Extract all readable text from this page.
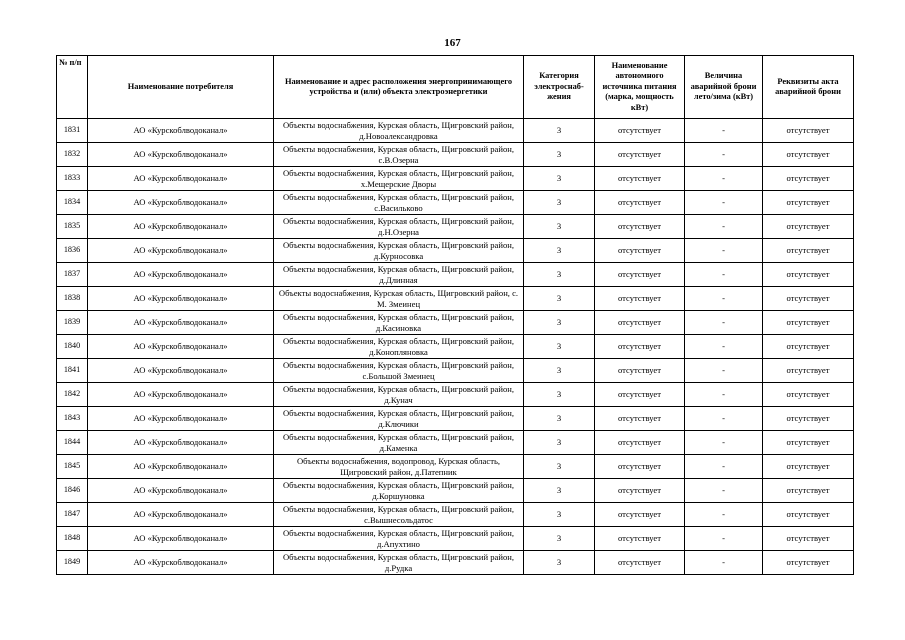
167
№ п/п	Наименование потребителя	Наименование и адрес расположения энергопринимающего устройства и (или) объекта электроэнергетики	Категория электроснаб-жения	Наименование автономного источника питания (марка, мощность кВт)	Величина аварийной брони лето/зима (кВт)	Реквизиты акта аварийной брони
1831	АО «Курскоблводоканал»	Объекты водоснабжения, Курская область, Щигровский район, д.Новоалександровка	3	отсутствует	-	отсутствует
1832	АО «Курскоблводоканал»	Объекты водоснабжения, Курская область, Щигровский район, с.В.Озерна	3	отсутствует	-	отсутствует
1833	АО «Курскоблводоканал»	Объекты водоснабжения, Курская область, Щигровский район, х.Мещерские Дворы	3	отсутствует	-	отсутствует
1834	АО «Курскоблводоканал»	Объекты водоснабжения, Курская область, Щигровский район, с.Васильково	3	отсутствует	-	отсутствует
1835	АО «Курскоблводоканал»	Объекты водоснабжения, Курская область, Щигровский район, д.Н.Озерна	3	отсутствует	-	отсутствует
1836	АО «Курскоблводоканал»	Объекты водоснабжения, Курская область, Щигровский район, д.Курносовка	3	отсутствует	-	отсутствует
1837	АО «Курскоблводоканал»	Объекты водоснабжения, Курская область, Щигровский район, д.Длинная	3	отсутствует	-	отсутствует
1838	АО «Курскоблводоканал»	Объекты водоснабжения, Курская область, Щигровский район, с. М. Змеинец	3	отсутствует	-	отсутствует
1839	АО «Курскоблводоканал»	Объекты водоснабжения, Курская область, Щигровский район, д.Касиновка	3	отсутствует	-	отсутствует
1840	АО «Курскоблводоканал»	Объекты водоснабжения, Курская область, Щигровский район, д.Коноплянoвка	3	отсутствует	-	отсутствует
1841	АО «Курскоблводоканал»	Объекты водоснабжения, Курская область, Щигровский район, с.Большой Змеинец	3	отсутствует	-	отсутствует
1842	АО «Курскоблводоканал»	Объекты водоснабжения, Курская область, Щигровский район, д.Кунач	3	отсутствует	-	отсутствует
1843	АО «Курскоблводоканал»	Объекты водоснабжения, Курская область, Щигровский район, д.Ключики	3	отсутствует	-	отсутствует
1844	АО «Курскоблводоканал»	Объекты водоснабжения, Курская область, Щигровский район, д.Каменка	3	отсутствует	-	отсутствует
1845	АО «Курскоблводоканал»	Объекты водоснабжения, водопровод, Курская область, Щигровский район, д.Патепник	3	отсутствует	-	отсутствует
1846	АО «Курскоблводоканал»	Объекты водоснабжения, Курская область, Щигровский район, д.Коршуновка	3	отсутствует	-	отсутствует
1847	АО «Курскоблводоканал»	Объекты водоснабжения, Курская область, Щигровский район, с.Вышнесольдатос	3	отсутствует	-	отсутствует
1848	АО «Курскоблводоканал»	Объекты водоснабжения, Курская область, Щигровский район, д.Апухтино	3	отсутствует	-	отсутствует
1849	АО «Курскоблводоканал»	Объекты водоснабжения, Курская область, Щигровский район, д.Рудка	3	отсутствует	-	отсутствует
